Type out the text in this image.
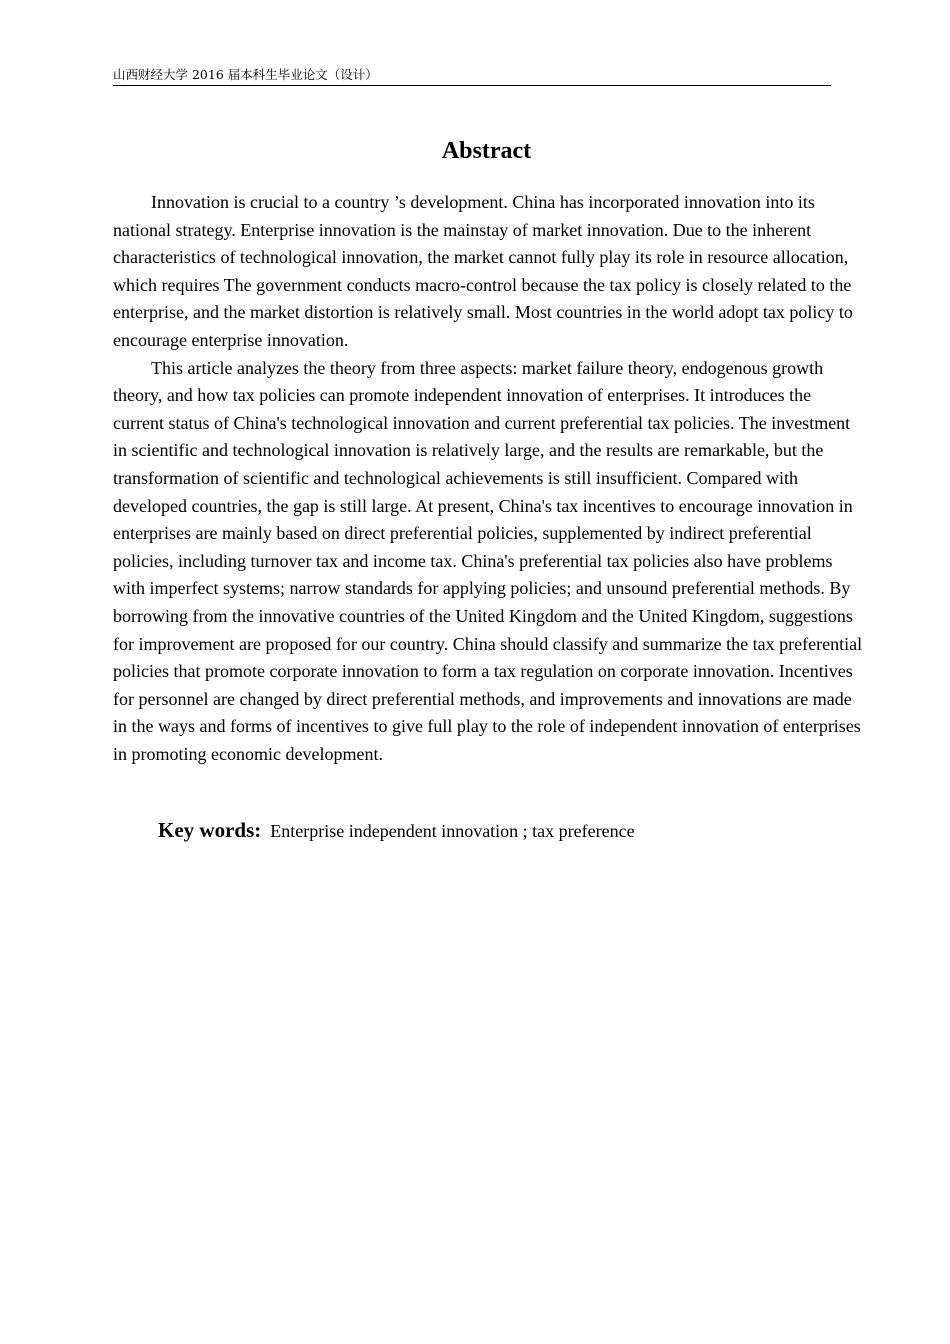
山西财经大学 2016 届本科生毕业论文（设计）
Abstract

Innovation is crucial to a country ’s development. China has incorporated innovation into its national strategy. Enterprise innovation is the mainstay of market innovation. Due to the inherent characteristics of technological innovation, the market cannot fully play its role in resource allocation, which requires The government conducts macro-control because the tax policy is closely related to the enterprise, and the market distortion is relatively small. Most countries in the world adopt tax policy to encourage enterprise innovation.

This article analyzes the theory from three aspects: market failure theory, endogenous growth theory, and how tax policies can promote independent innovation of enterprises. It introduces the current status of China's technological innovation and current preferential tax policies. The investment in scientific and technological innovation is relatively large, and the results are remarkable, but the transformation of scientific and technological achievements is still insufficient. Compared with developed countries, the gap is still large. At present, China's tax incentives to encourage innovation in enterprises are mainly based on direct preferential policies, supplemented by indirect preferential policies, including turnover tax and income tax. China's preferential tax policies also have problems with imperfect systems; narrow standards for applying policies; and unsound preferential methods. By borrowing from the innovative countries of the United Kingdom and the United Kingdom, suggestions for improvement are proposed for our country. China should classify and summarize the tax preferential policies that promote corporate innovation to form a tax regulation on corporate innovation. Incentives for personnel are changed by direct preferential methods, and improvements and innovations are made in the ways and forms of incentives to give full play to the role of independent innovation of enterprises in promoting economic development.

Key words: Enterprise independent innovation ; tax preference
